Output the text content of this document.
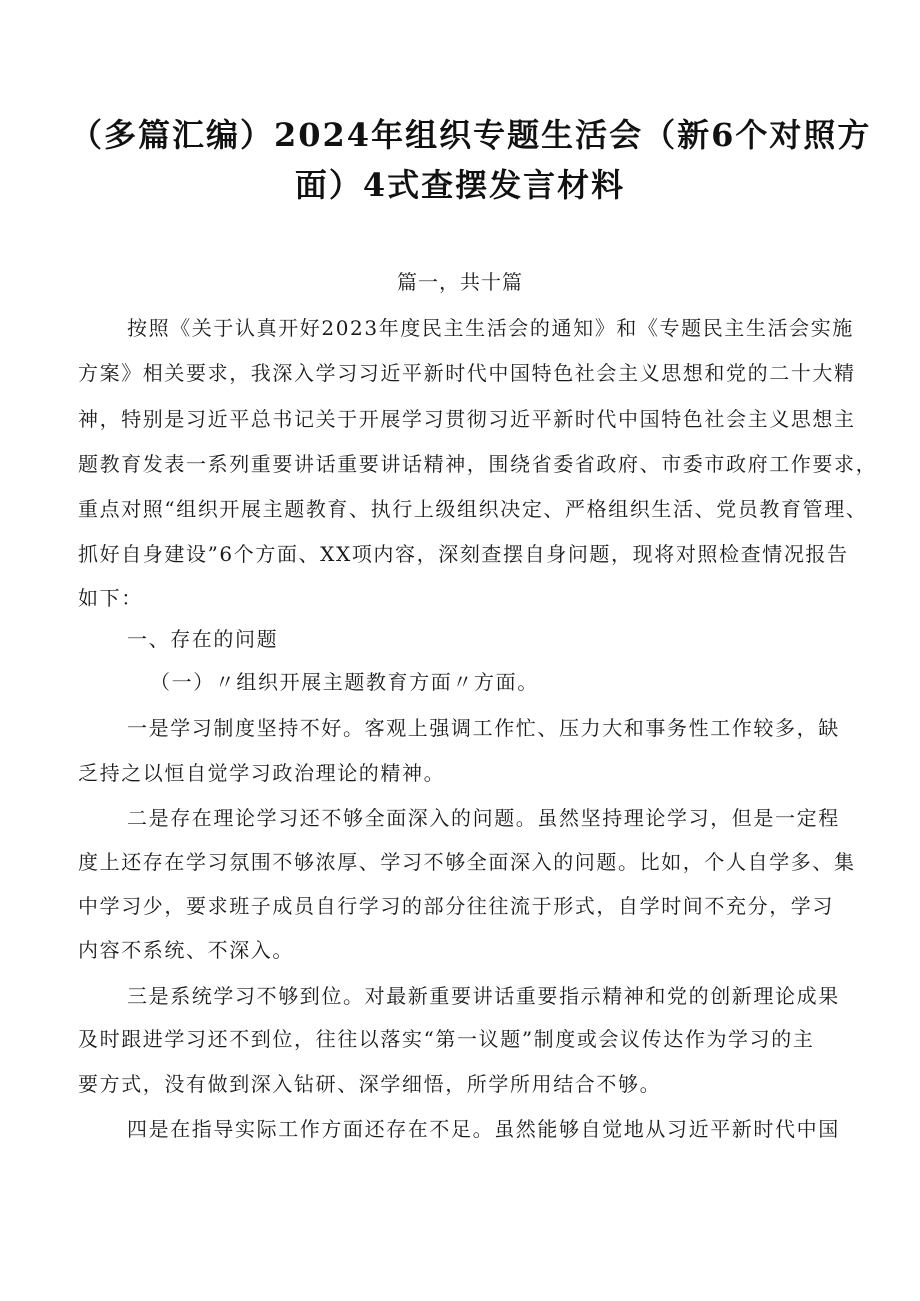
（多篇汇编）2024年组织专题生活会（新6个对照方
面）4式查摆发言材料
篇一，共十篇
按照《关于认真开好2023年度民主生活会的通知》和《专题民主生活会实施
方案》相关要求，我深入学习习近平新时代中国特色社会主义思想和党的二十大精
神，特别是习近平总书记关于开展学习贯彻习近平新时代中国特色社会主义思想主
题教育发表一系列重要讲话重要讲话精神，围绕省委省政府、市委市政府工作要求，
重点对照“组织开展主题教育、执行上级组织决定、严格组织生活、党员教育管理、
抓好自身建设”6个方面、XX项内容，深刻查摆自身问题，现将对照检查情况报告
如下：
一、存在的问题
（一）〃组织开展主题教育方面〃方面。
一是学习制度坚持不好。客观上强调工作忙、压力大和事务性工作较多，缺
乏持之以恒自觉学习政治理论的精神。
二是存在理论学习还不够全面深入的问题。虽然坚持理论学习，但是一定程
度上还存在学习氛围不够浓厚、学习不够全面深入的问题。比如，个人自学多、集
中学习少，要求班子成员自行学习的部分往往流于形式，自学时间不充分，学习
内容不系统、不深入。
三是系统学习不够到位。对最新重要讲话重要指示精神和党的创新理论成果
及时跟进学习还不到位，往往以落实“第一议题”制度或会议传达作为学习的主
要方式，没有做到深入钻研、深学细悟，所学所用结合不够。
四是在指导实际工作方面还存在不足。虽然能够自觉地从习近平新时代中国
